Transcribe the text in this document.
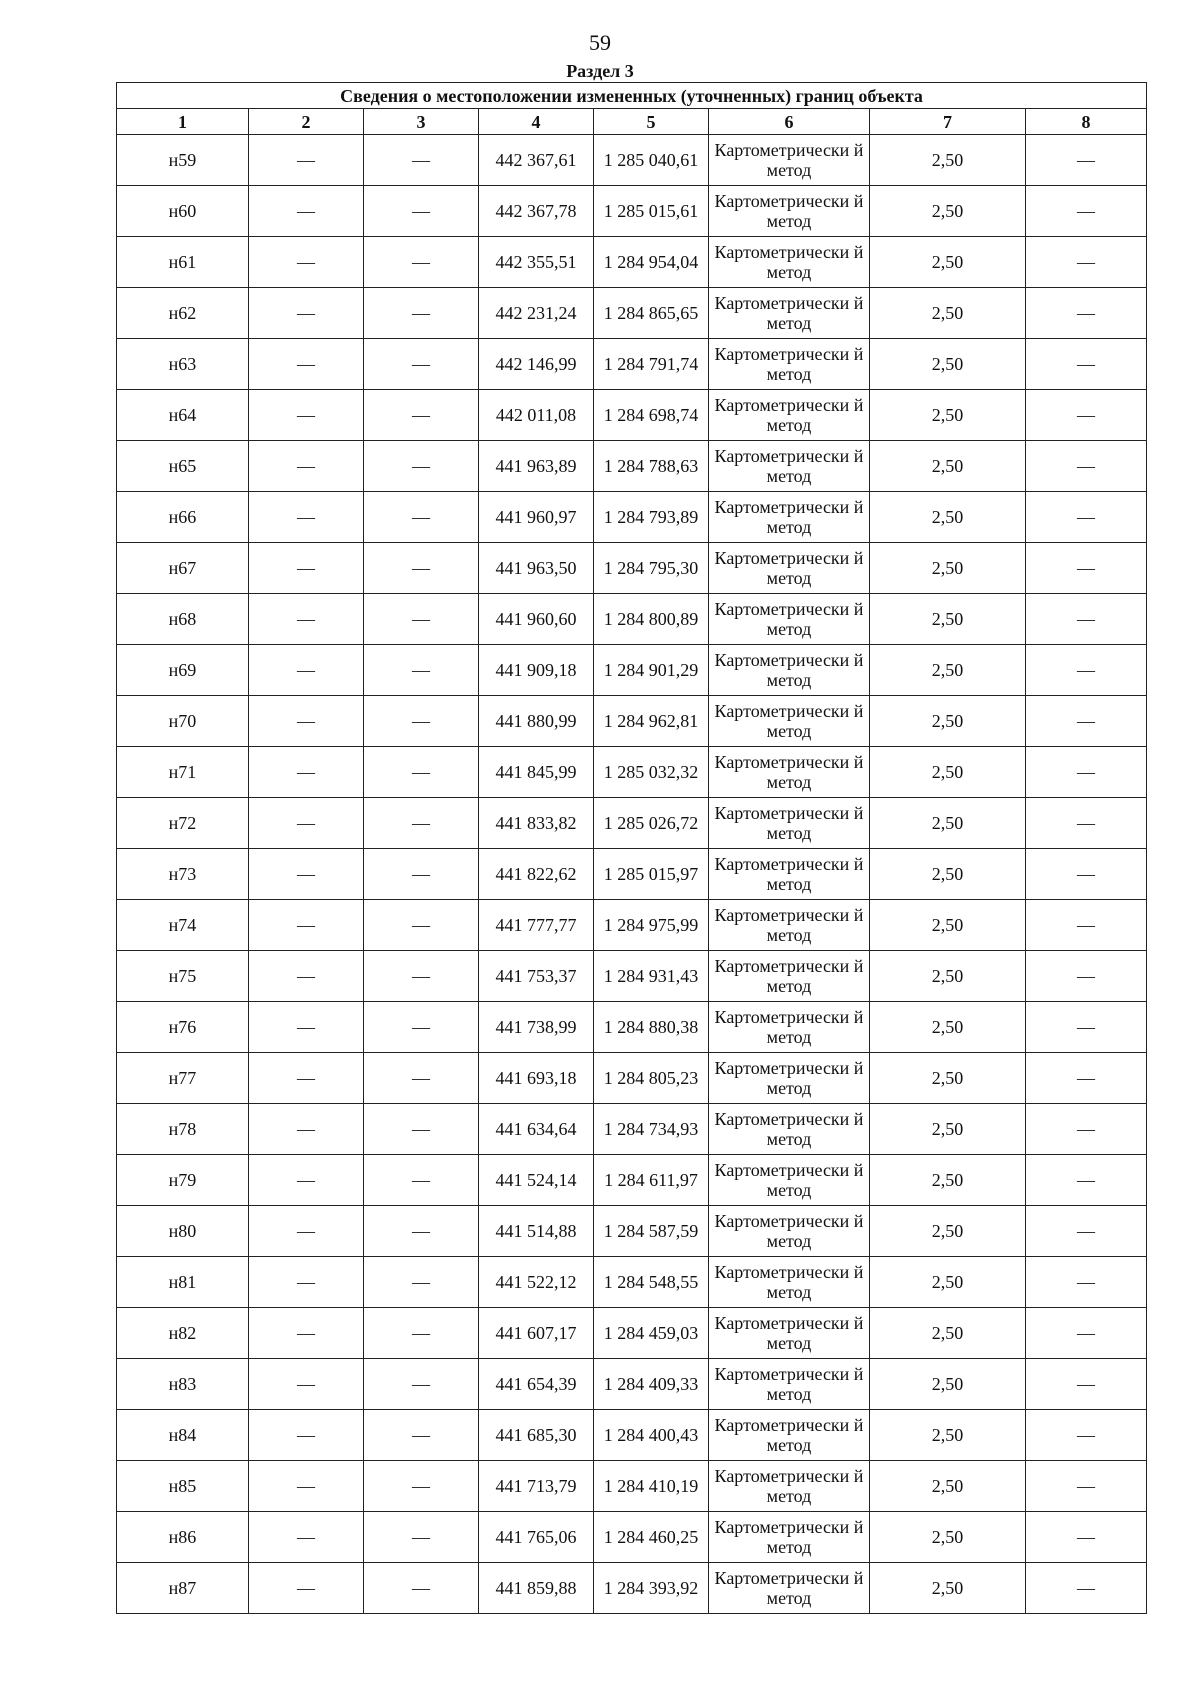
59
Раздел 3
Сведения о местоположении измененных (уточненных) границ объекта							
1	2	3	4	5	6	7	8
н59	—	—	442 367,61	1 285 040,61	Картометрически й метод	2,50	—
н60	—	—	442 367,78	1 285 015,61	Картометрически й метод	2,50	—
н61	—	—	442 355,51	1 284 954,04	Картометрически й метод	2,50	—
н62	—	—	442 231,24	1 284 865,65	Картометрически й метод	2,50	—
н63	—	—	442 146,99	1 284 791,74	Картометрически й метод	2,50	—
н64	—	—	442 011,08	1 284 698,74	Картометрически й метод	2,50	—
н65	—	—	441 963,89	1 284 788,63	Картометрически й метод	2,50	—
н66	—	—	441 960,97	1 284 793,89	Картометрически й метод	2,50	—
н67	—	—	441 963,50	1 284 795,30	Картометрически й метод	2,50	—
н68	—	—	441 960,60	1 284 800,89	Картометрически й метод	2,50	—
н69	—	—	441 909,18	1 284 901,29	Картометрически й метод	2,50	—
н70	—	—	441 880,99	1 284 962,81	Картометрически й метод	2,50	—
н71	—	—	441 845,99	1 285 032,32	Картометрически й метод	2,50	—
н72	—	—	441 833,82	1 285 026,72	Картометрически й метод	2,50	—
н73	—	—	441 822,62	1 285 015,97	Картометрически й метод	2,50	—
н74	—	—	441 777,77	1 284 975,99	Картометрически й метод	2,50	—
н75	—	—	441 753,37	1 284 931,43	Картометрически й метод	2,50	—
н76	—	—	441 738,99	1 284 880,38	Картометрически й метод	2,50	—
н77	—	—	441 693,18	1 284 805,23	Картометрически й метод	2,50	—
н78	—	—	441 634,64	1 284 734,93	Картометрически й метод	2,50	—
н79	—	—	441 524,14	1 284 611,97	Картометрически й метод	2,50	—
н80	—	—	441 514,88	1 284 587,59	Картометрически й метод	2,50	—
н81	—	—	441 522,12	1 284 548,55	Картометрически й метод	2,50	—
н82	—	—	441 607,17	1 284 459,03	Картометрически й метод	2,50	—
н83	—	—	441 654,39	1 284 409,33	Картометрически й метод	2,50	—
н84	—	—	441 685,30	1 284 400,43	Картометрически й метод	2,50	—
н85	—	—	441 713,79	1 284 410,19	Картометрически й метод	2,50	—
н86	—	—	441 765,06	1 284 460,25	Картометрически й метод	2,50	—
н87	—	—	441 859,88	1 284 393,92	Картометрически й метод	2,50	—
